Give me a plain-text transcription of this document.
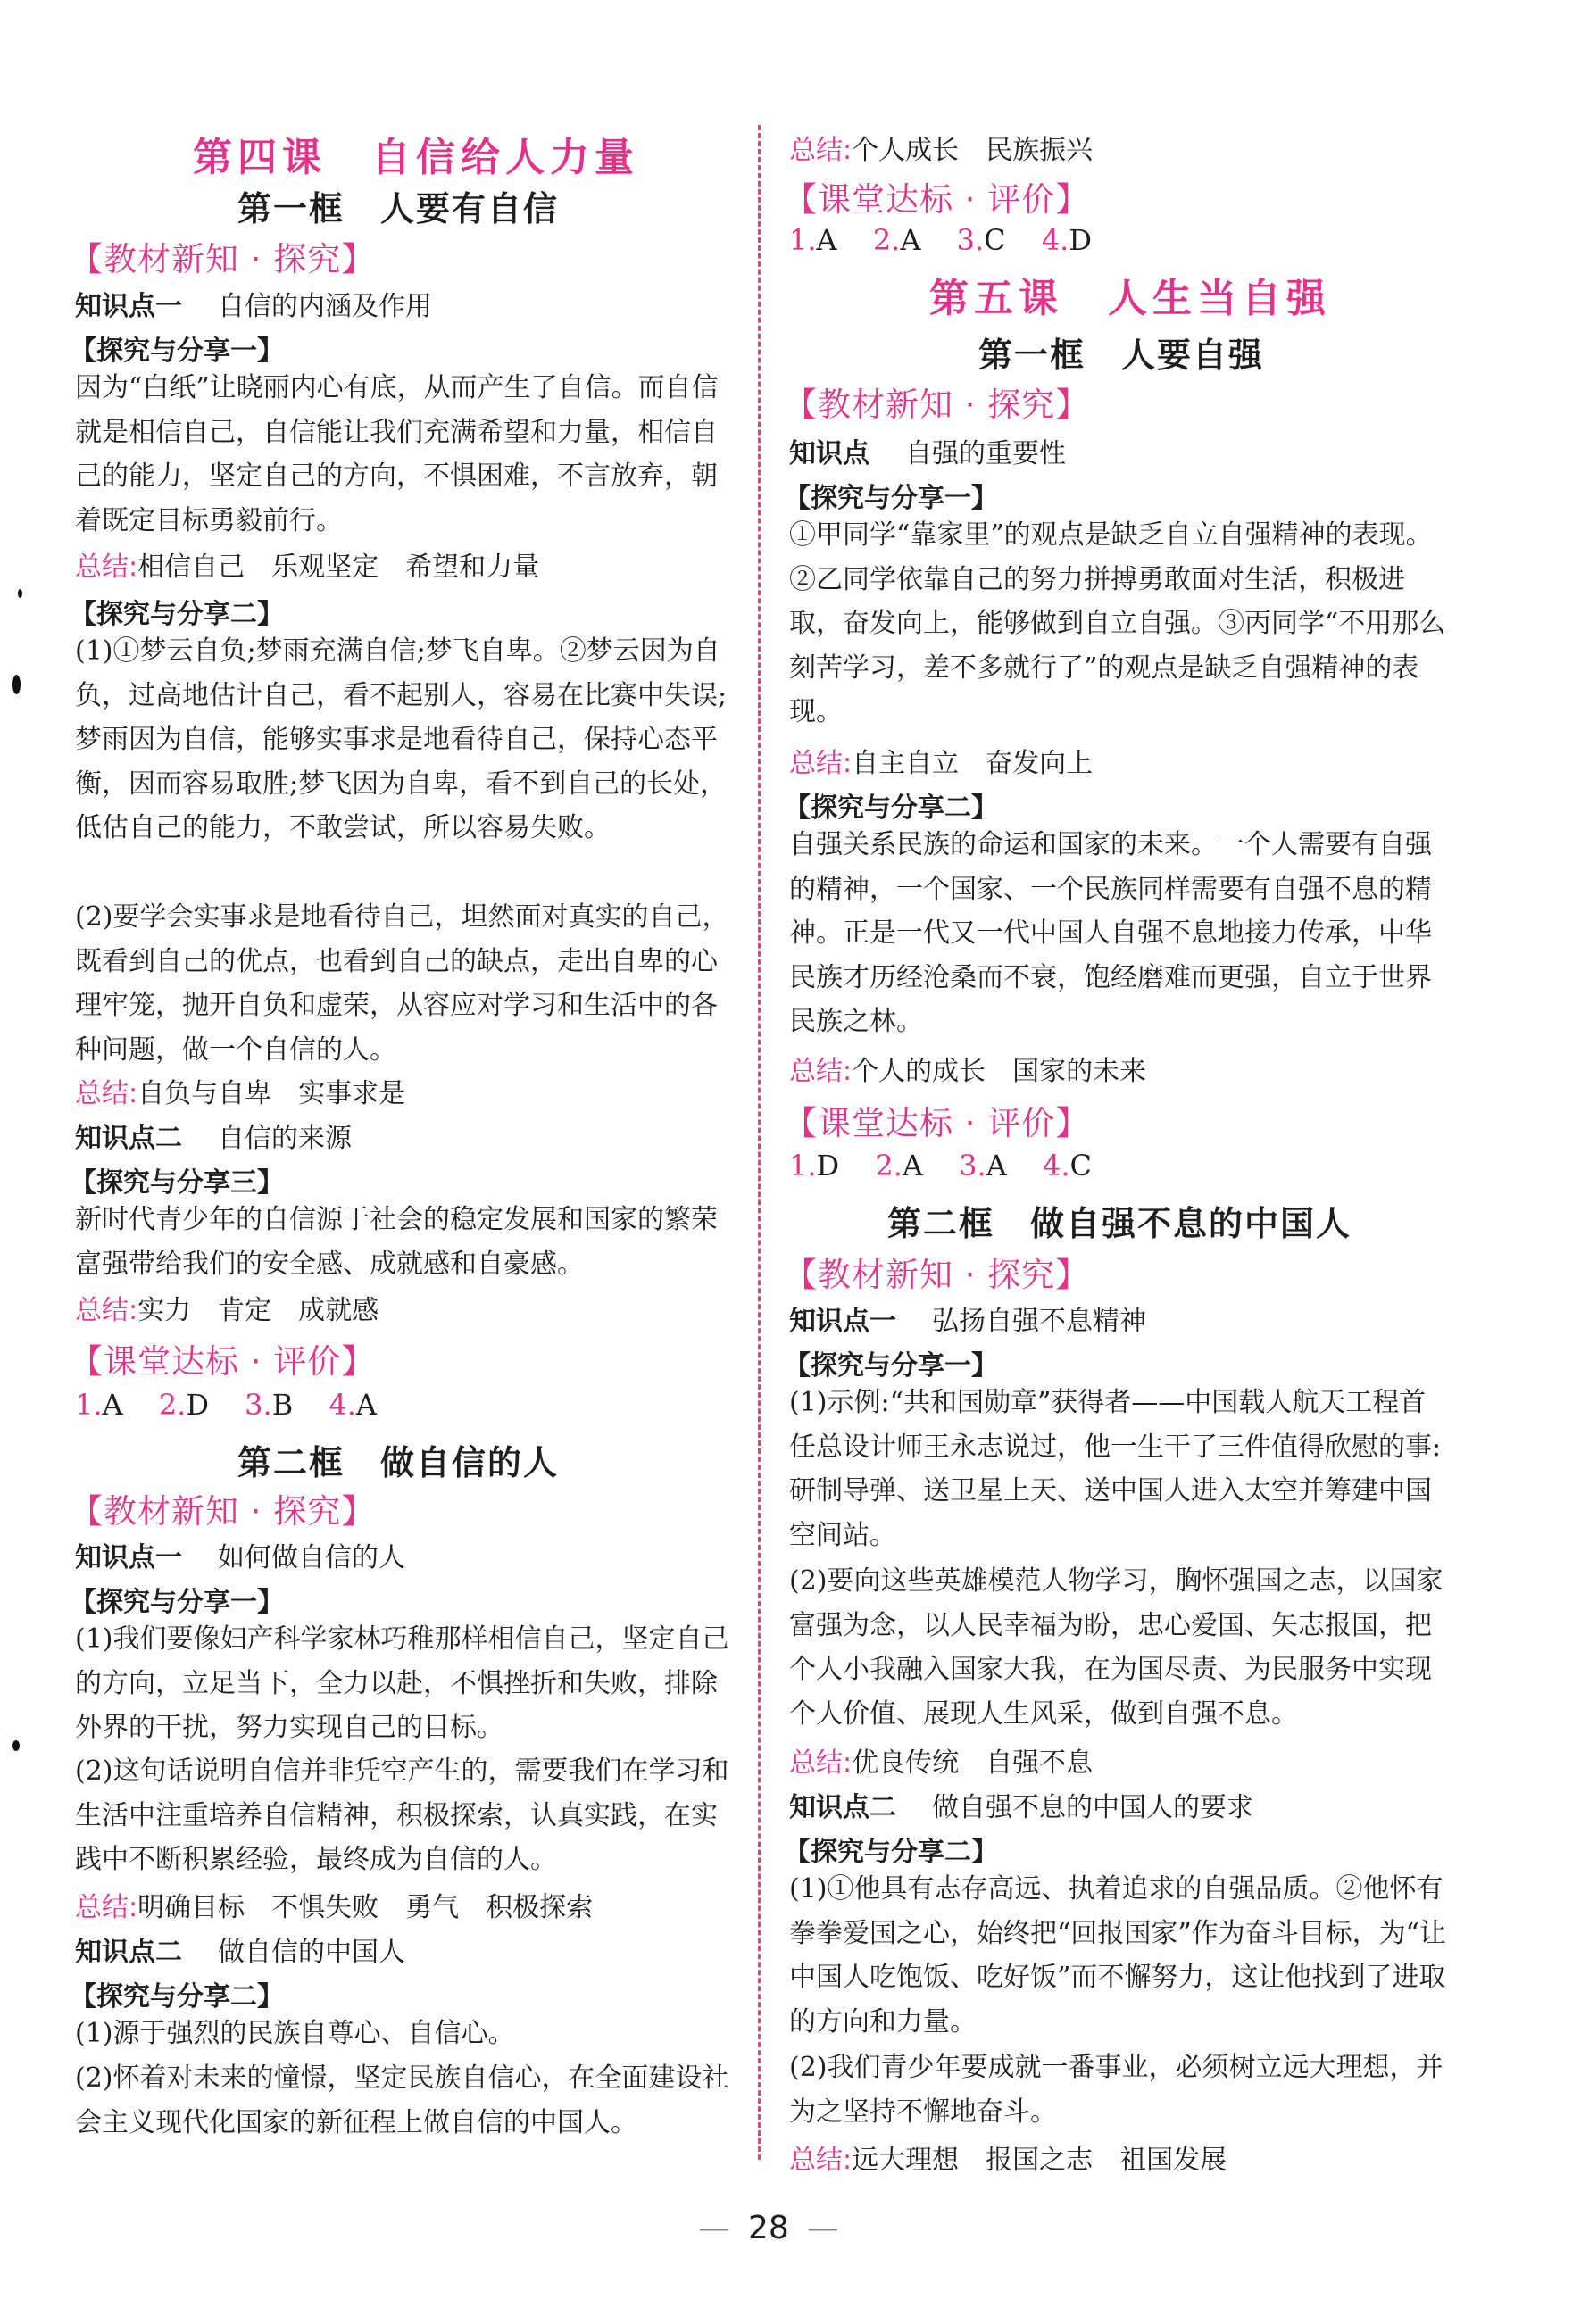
第四课　自信给人力量
第一框　人要有自信
【教材新知 · 探究】
知识点一 自信的内涵及作用
【探究与分享一】
因为“白纸”让晓丽内心有底，从而产生了自信。而自信就是相信自己，自信能让我们充满希望和力量，相信自己的能力，坚定自己的方向，不惧困难，不言放弃，朝着既定目标勇毅前行。
总结:相信自己　乐观坚定　希望和力量
【探究与分享二】
(1)①梦云自负;梦雨充满自信;梦飞自卑。②梦云因为自负，过高地估计自己，看不起别人，容易在比赛中失误;梦雨因为自信，能够实事求是地看待自己，保持心态平衡，因而容易取胜;梦飞因为自卑，看不到自己的长处，低估自己的能力，不敢尝试，所以容易失败。
(2)要学会实事求是地看待自己，坦然面对真实的自己，既看到自己的优点，也看到自己的缺点，走出自卑的心理牢笼，抛开自负和虚荣，从容应对学习和生活中的各种问题，做一个自信的人。
总结:自负与自卑　实事求是
知识点二 自信的来源
【探究与分享三】
新时代青少年的自信源于社会的稳定发展和国家的繁荣富强带给我们的安全感、成就感和自豪感。
总结:实力　肯定　成就感
【课堂达标 · 评价】
1.A 2.D 3.B 4.A
第二框　做自信的人
【教材新知 · 探究】
知识点一 如何做自信的人
【探究与分享一】
(1)我们要像妇产科学家林巧稚那样相信自己，坚定自己的方向，立足当下，全力以赴，不惧挫折和失败，排除外界的干扰，努力实现自己的目标。
(2)这句话说明自信并非凭空产生的，需要我们在学习和生活中注重培养自信精神，积极探索，认真实践，在实践中不断积累经验，最终成为自信的人。
总结:明确目标　不惧失败　勇气　积极探索
知识点二 做自信的中国人
【探究与分享二】
(1)源于强烈的民族自尊心、自信心。
(2)怀着对未来的憧憬，坚定民族自信心，在全面建设社会主义现代化国家的新征程上做自信的中国人。
总结:个人成长　民族振兴
【课堂达标 · 评价】
1.A 2.A 3.C 4.D
第五课　人生当自强
第一框　人要自强
【教材新知 · 探究】
知识点 自强的重要性
【探究与分享一】
①甲同学“靠家里”的观点是缺乏自立自强精神的表现。②乙同学依靠自己的努力拼搏勇敢面对生活，积极进取，奋发向上，能够做到自立自强。③丙同学“不用那么刻苦学习，差不多就行了”的观点是缺乏自强精神的表现。
总结:自主自立　奋发向上
【探究与分享二】
自强关系民族的命运和国家的未来。一个人需要有自强的精神，一个国家、一个民族同样需要有自强不息的精神。正是一代又一代中国人自强不息地接力传承，中华民族才历经沧桑而不衰，饱经磨难而更强，自立于世界民族之林。
总结:个人的成长　国家的未来
【课堂达标 · 评价】
1.D 2.A 3.A 4.C
第二框　做自强不息的中国人
【教材新知 · 探究】
知识点一 弘扬自强不息精神
【探究与分享一】
(1)示例:“共和国勋章”获得者——中国载人航天工程首任总设计师王永志说过，他一生干了三件值得欣慰的事:研制导弹、送卫星上天、送中国人进入太空并筹建中国空间站。
(2)要向这些英雄模范人物学习，胸怀强国之志，以国家富强为念，以人民幸福为盼，忠心爱国、矢志报国，把个人小我融入国家大我，在为国尽责、为民服务中实现个人价值、展现人生风采，做到自强不息。
总结:优良传统　自强不息
知识点二 做自强不息的中国人的要求
【探究与分享二】
(1)①他具有志存高远、执着追求的自强品质。②他怀有拳拳爱国之心，始终把“回报国家”作为奋斗目标，为“让中国人吃饱饭、吃好饭”而不懈努力，这让他找到了进取的方向和力量。
(2)我们青少年要成就一番事业，必须树立远大理想，并为之坚持不懈地奋斗。
总结:远大理想　报国之志　祖国发展
— 28 —
